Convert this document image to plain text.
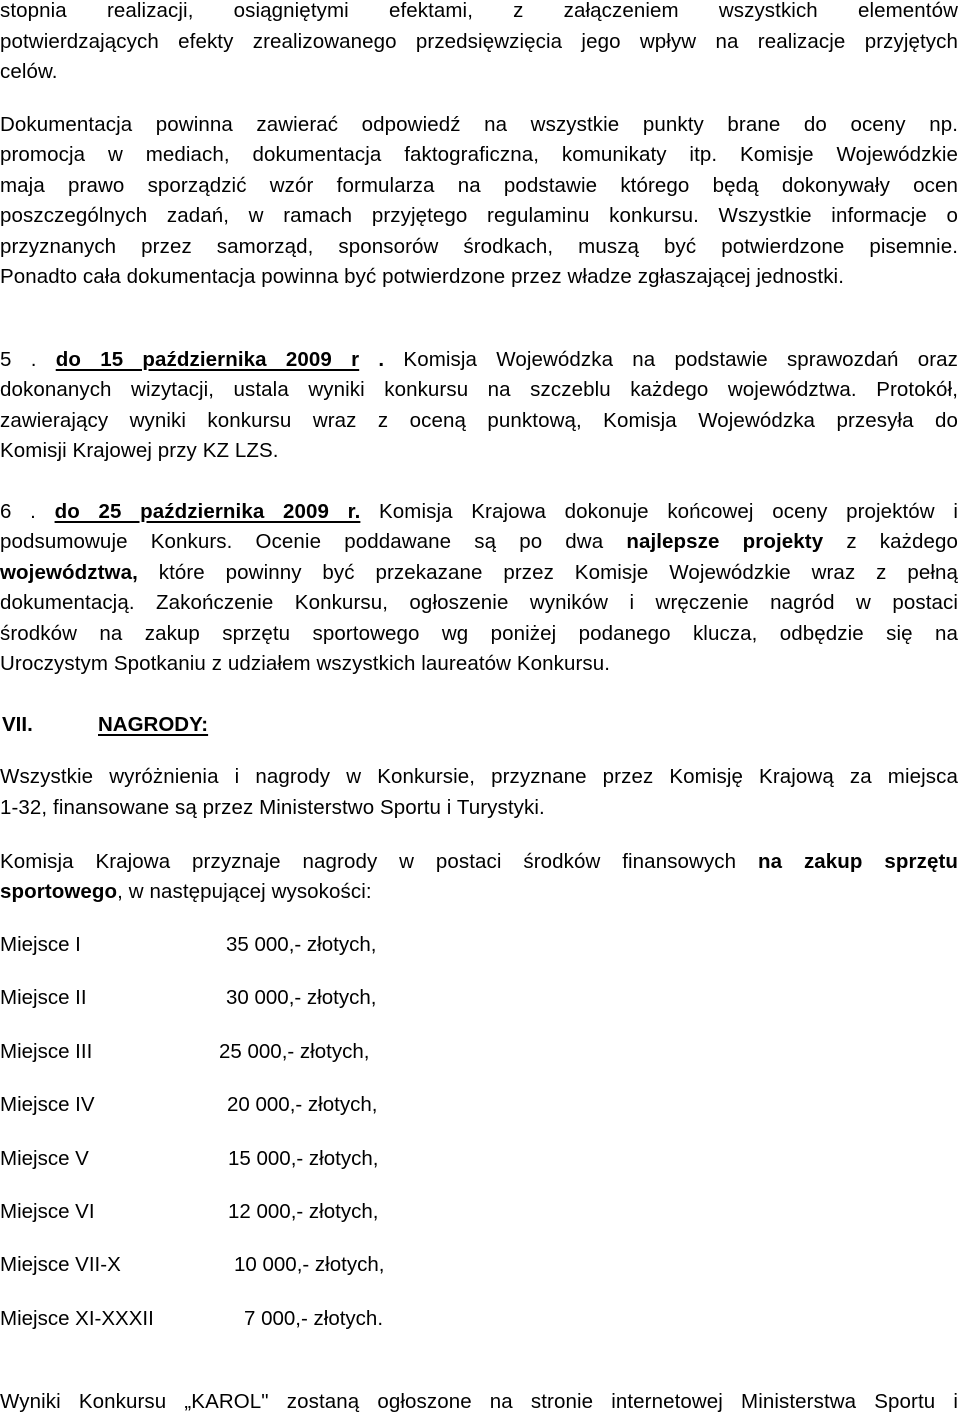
stopnia realizacji, osiągniętymi efektami, z załączeniem wszystkich elementów
potwierdzających efekty zrealizowanego przedsięwzięcia jego wpływ na realizacje przyjętych
celów.
Dokumentacja powinna zawierać odpowiedź na wszystkie punkty brane do oceny np.
promocja w mediach, dokumentacja faktograficzna, komunikaty itp. Komisje Wojewódzkie
maja prawo sporządzić wzór formularza na podstawie którego będą dokonywały ocen
poszczególnych zadań, w ramach przyjętego regulaminu konkursu. Wszystkie informacje o
przyznanych przez samorząd, sponsorów środkach, muszą być potwierdzone pisemnie.
Ponadto cała dokumentacja powinna być potwierdzone przez władze zgłaszającej jednostki.
5 . do 15 października 2009 r . Komisja Wojewódzka na podstawie sprawozdań oraz
dokonanych wizytacji, ustala wyniki konkursu na szczeblu każdego województwa. Protokół,
zawierający wyniki konkursu wraz z oceną punktową, Komisja Wojewódzka przesyła do
Komisji Krajowej przy KZ LZS.
6 . do 25 października 2009 r. Komisja Krajowa dokonuje końcowej oceny projektów i
podsumowuje Konkurs. Ocenie poddawane są po dwa najlepsze projekty z każdego
województwa, które powinny być przekazane przez Komisje Wojewódzkie wraz z pełną
dokumentacją. Zakończenie Konkursu, ogłoszenie wyników i wręczenie nagród w postaci
środków na zakup sprzętu sportowego wg poniżej podanego klucza, odbędzie się na
Uroczystym Spotkaniu z udziałem wszystkich laureatów Konkursu.
VII.	NAGRODY:
Wszystkie wyróżnienia i nagrody w Konkursie, przyznane przez Komisję Krajową za miejsca
1-32, finansowane są przez Ministerstwo Sportu i Turystyki.
Komisja Krajowa przyznaje nagrody w postaci środków finansowych na zakup sprzętu
sportowego, w następującej wysokości:
Miejsce I	35 000,- złotych,
Miejsce II	30 000,- złotych,
Miejsce III	25 000,- złotych,
Miejsce IV	20 000,- złotych,
Miejsce V	15 000,- złotych,
Miejsce VI	12 000,- złotych,
Miejsce VII-X	10 000,- złotych,
Miejsce XI-XXXII	7 000,- złotych.
Wyniki Konkursu „KAROL" zostaną ogłoszone na stronie internetowej Ministerstwa Sportu i
